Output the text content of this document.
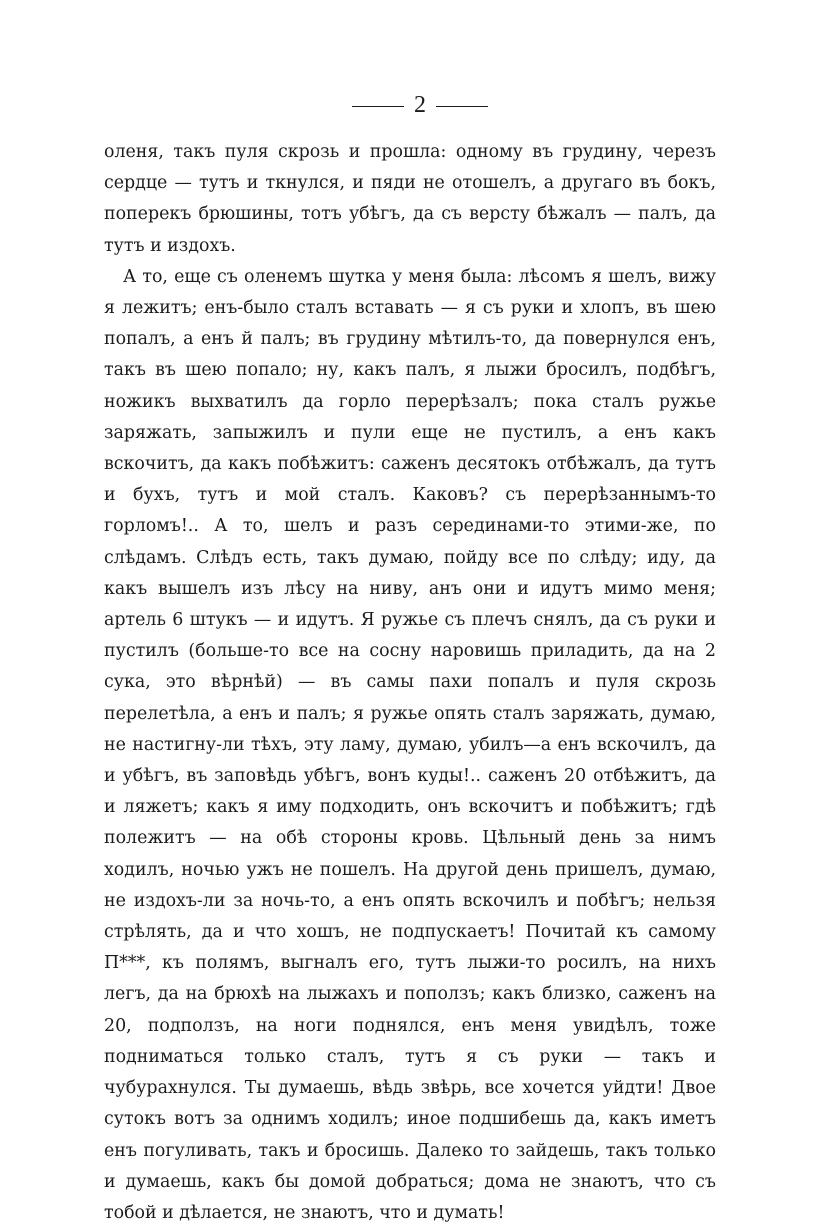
2

оленя, такъ пуля скрозь и прошла: одному въ грудину, черезъ сердце — тутъ и ткнулся, и пяди не отошелъ, а другаго въ бокъ, поперекъ брюшины, тотъ убѣгъ, да съ версту бѣжалъ — палъ, да тутъ и издохъ.

А то, еще съ оленемъ шутка у меня была: лѣсомъ я шелъ, вижу я лежитъ; енъ-было сталъ вставать — я съ руки и хлопъ, въ шею попалъ, а енъ й палъ; въ грудину мѣтилъ-то, да повернулся енъ, такъ въ шею попало; ну, какъ палъ, я лыжи бросилъ, подбѣгъ, ножикъ выхватилъ да горло перерѣзалъ; пока сталъ ружье заряжать, запыжилъ и пули еще не пустилъ, а енъ какъ вскочитъ, да какъ побѣжитъ: саженъ десятокъ отбѣжалъ, да тутъ и бухъ, тутъ и мой сталъ. Каковъ? съ перерѣзаннымъ-то горломъ!.. А то, шелъ и разъ серединами-то этими-же, по слѣдамъ. Слѣдъ есть, такъ думаю, пойду все по слѣду; иду, да какъ вышелъ изъ лѣсу на ниву, анъ они и идутъ мимо меня; артель 6 штукъ — и идутъ. Я ружье съ плечъ снялъ, да съ руки и пустилъ (больше-то все на сосну наровишь приладить, да на 2 сука, это вѣрнѣй) — въ самы пахи попалъ и пуля скрозь перелетѣла, а енъ и палъ; я ружье опять сталъ заряжать, думаю, не настигну-ли тѣхъ, эту ламу, думаю, убилъ—а енъ вскочилъ, да и убѣгъ, въ заповѣдь убѣгъ, вонъ куды!.. саженъ 20 отбѣжитъ, да и ляжетъ; какъ я иму подходить, онъ вскочитъ и побѣжитъ; гдѣ полежитъ — на обѣ стороны кровь. Цѣльный день за нимъ ходилъ, ночью ужъ не пошелъ. На другой день пришелъ, думаю, не издохъ-ли за ночь-то, а енъ опять вскочилъ и побѣгъ; нельзя стрѣлять, да и что хошъ, не подпускаетъ! Почитай къ самому П***, къ полямъ, выгналъ его, тутъ лыжи-то росилъ, на нихъ легъ, да на брюхѣ на лыжахъ и поползъ; какъ близко, саженъ на 20, подползъ, на ноги поднялся, енъ меня увидѣлъ, тоже подниматься только сталъ, тутъ я съ руки — такъ и чубурахнулся. Ты думаешь, вѣдь звѣрь, все хочется уйдти! Двое сутокъ вотъ за однимъ ходилъ; иное подшибешь да, какъ иметъ енъ погуливать, такъ и бросишь. Далеко то зайдешь, такъ только и думаешь, какъ бы домой добраться; дома не знаютъ, что съ тобой и дѣлается, не знаютъ, что и думать!
